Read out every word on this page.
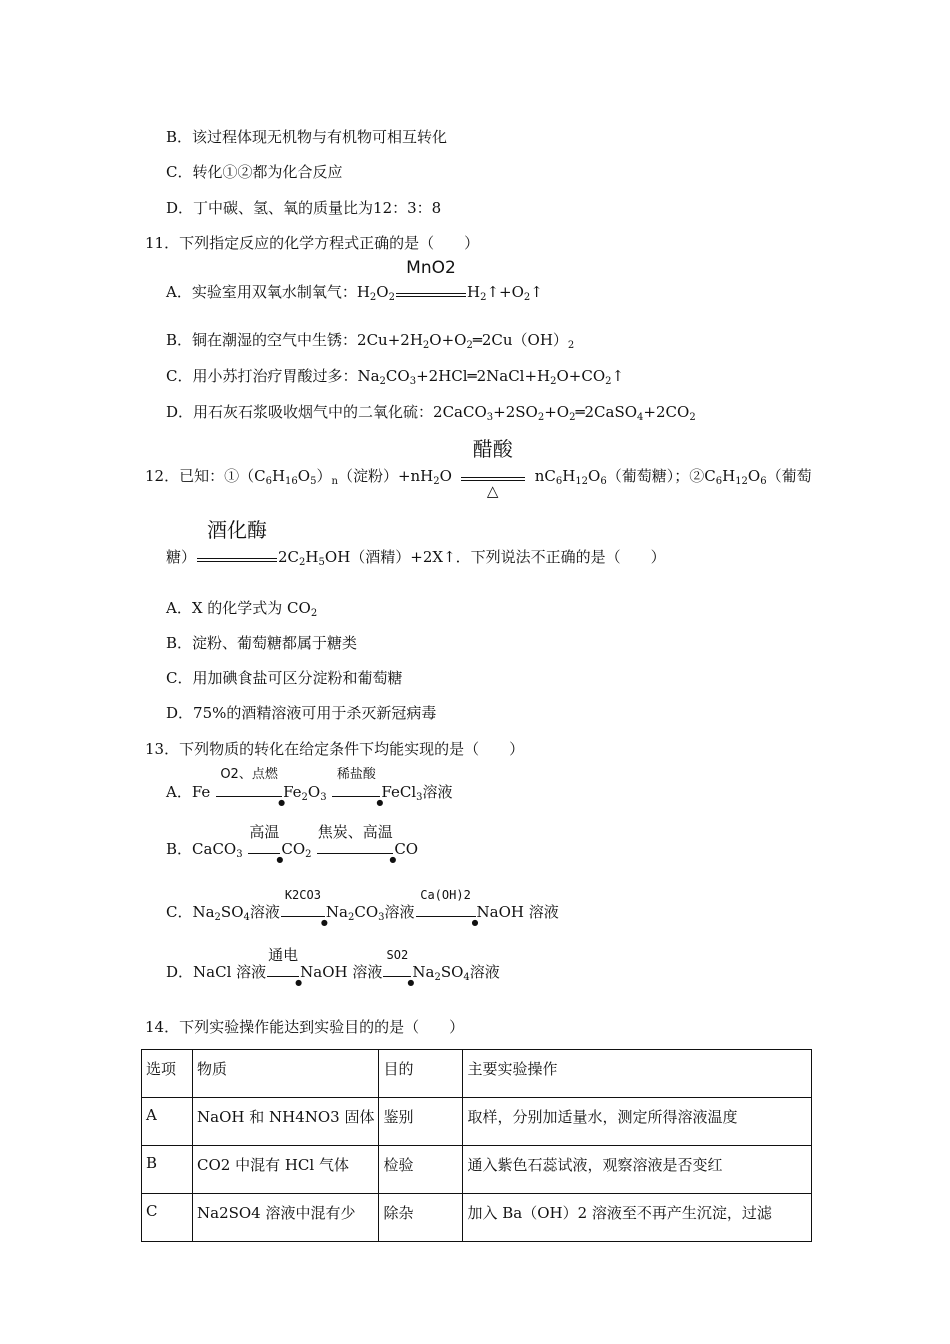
B．该过程体现无机物与有机物可相互转化
C．转化①②都为化合反应
D．丁中碳、氢、氧的质量比为12：3：8
11．下列指定反应的化学方程式正确的是（　　）
A．实验室用双氧水制氧气：$H_2O_2$
MnO2
$H_2↑+O_2↑$
B．铜在潮湿的空气中生锈：$2Cu+2H_2O+O_2═2Cu(OH)_2$
C．用小苏打治疗胃酸过多：$Na_2CO_3+2HCl═2NaCl+H_2O+CO_2↑$
D．用石灰石浆吸收烟气中的二氧化硫：$2CaCO_3+2SO_2+O_2═2CaSO_4+2CO_2$
12．已知：$①(C_6H_{16}O_5)_n$（淀粉）$+nH_2O$
醋酸
△
$nC_6H_{12}O_6$（葡萄糖）；$②C_6H_{12}O_6$（葡萄
糖）
酒化酶
$2C_2H_5OH$（酒精）+2X↑．下列说法不正确的是（　　）
A．X 的化学式为 $CO_2$
B．淀粉、葡萄糖都属于糖类
C．用加碘食盐可区分淀粉和葡萄糖
D．75%的酒精溶液可用于杀灭新冠病毒
13．下列物质的转化在给定条件下均能实现的是（　　）
A．Fe
O2、点燃
●
$Fe_2O_3$
稀盐酸
●
FeCl$_3$溶液
B．CaCO$_3$
高温
●
$CO_2$
焦炭、高温
●
CO
C．$Na_2SO_4$溶液
K2CO3
●
$Na_2CO_3$溶液
Ca(OH)2
●
NaOH 溶液
D．NaCl 溶液
通电
●
NaOH 溶液
SO2
●
$Na_2SO_4$溶液
14．下列实验操作能达到实验目的的是（　　）
选项	物质	目的	主要实验操作
A	NaOH 和 NH4NO3 固体	鉴别	取样，分别加适量水，测定所得溶液温度
B	CO2 中混有 HCl 气体	检验	通入紫色石蕊试液，观察溶液是否变红
C	Na2SO4 溶液中混有少	除杂	加入 Ba（OH）2 溶液至不再产生沉淀，过滤
